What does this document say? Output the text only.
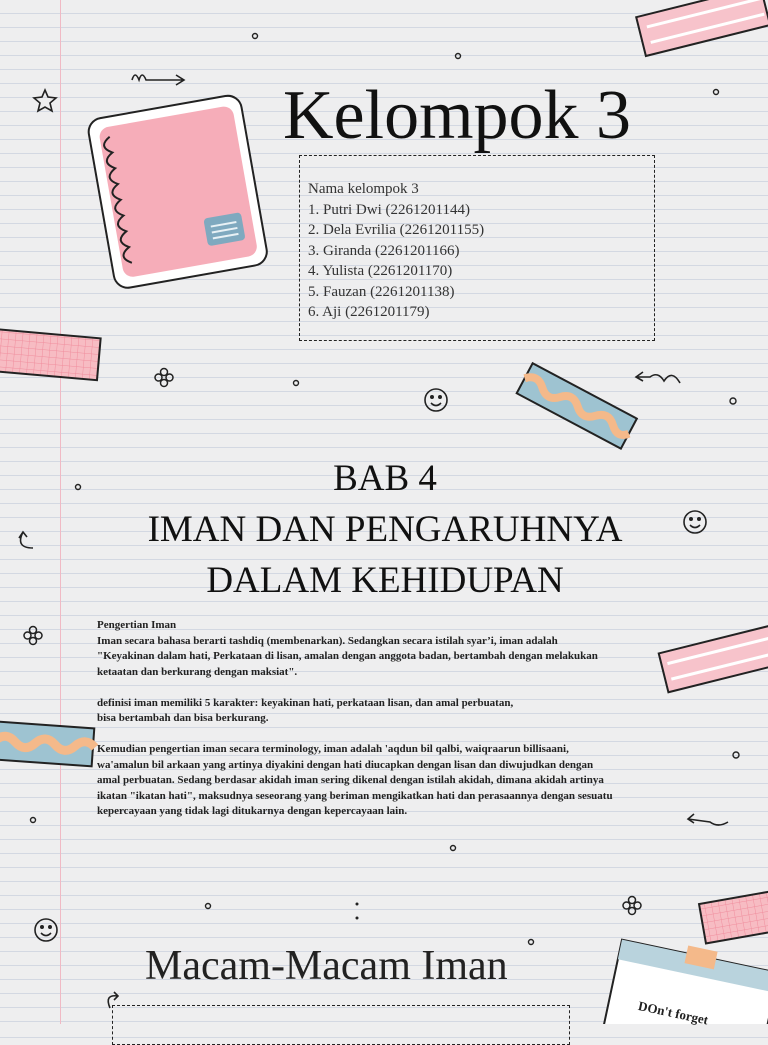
Kelompok 3
Nama kelompok 3
1. Putri Dwi (2261201144)
2. Dela Evrilia (2261201155)
3. Giranda (2261201166)
4. Yulista (2261201170)
5. Fauzan (2261201138)
6. Aji (2261201179)
BAB 4
IMAN DAN PENGARUHNYA
DALAM KEHIDUPAN
Pengertian Iman
Iman secara bahasa berarti tashdiq (membenarkan). Sedangkan secara istilah syar’i, iman adalah
"Keyakinan dalam hati, Perkataan di lisan, amalan dengan anggota badan, bertambah dengan melakukan
ketaatan dan berkurang dengan maksiat".
definisi iman memiliki 5 karakter: keyakinan hati, perkataan lisan, dan amal perbuatan,
bisa bertambah dan bisa berkurang.
Kemudian pengertian iman secara terminology, iman adalah 'aqdun bil qalbi, waiqraarun billisaani,
wa'amalun bil arkaan yang artinya diyakini dengan hati diucapkan dengan lisan dan diwujudkan dengan
amal perbuatan. Sedang berdasar akidah iman sering dikenal dengan istilah akidah, dimana akidah artinya
ikatan "ikatan hati", maksudnya seseorang yang beriman mengikatkan hati dan perasaannya dengan sesuatu
kepercayaan yang tidak lagi ditukarnya dengan kepercayaan lain.
Macam-Macam Iman
DOn't forget
